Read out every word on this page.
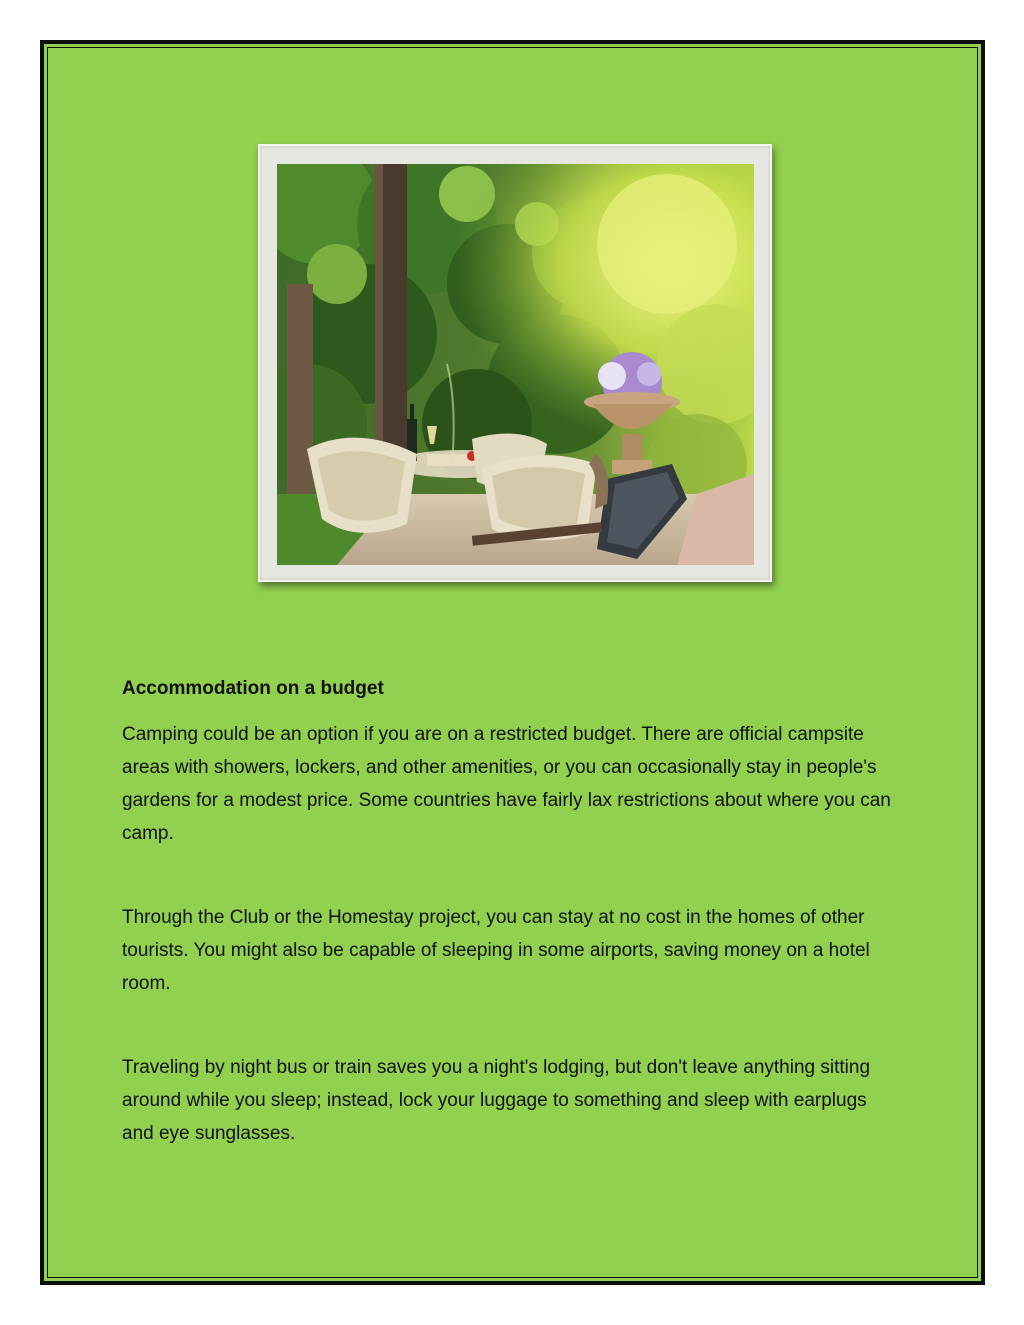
Accommodation on a budget

Camping could be an option if you are on a restricted budget. There are official campsite areas with showers, lockers, and other amenities, or you can occasionally stay in people's gardens for a modest price. Some countries have fairly lax restrictions about where you can camp.

Through the Club or the Homestay project, you can stay at no cost in the homes of other tourists. You might also be capable of sleeping in some airports, saving money on a hotel room.

Traveling by night bus or train saves you a night's lodging, but don't leave anything sitting around while you sleep; instead, lock your luggage to something and sleep with earplugs and eye sunglasses.
